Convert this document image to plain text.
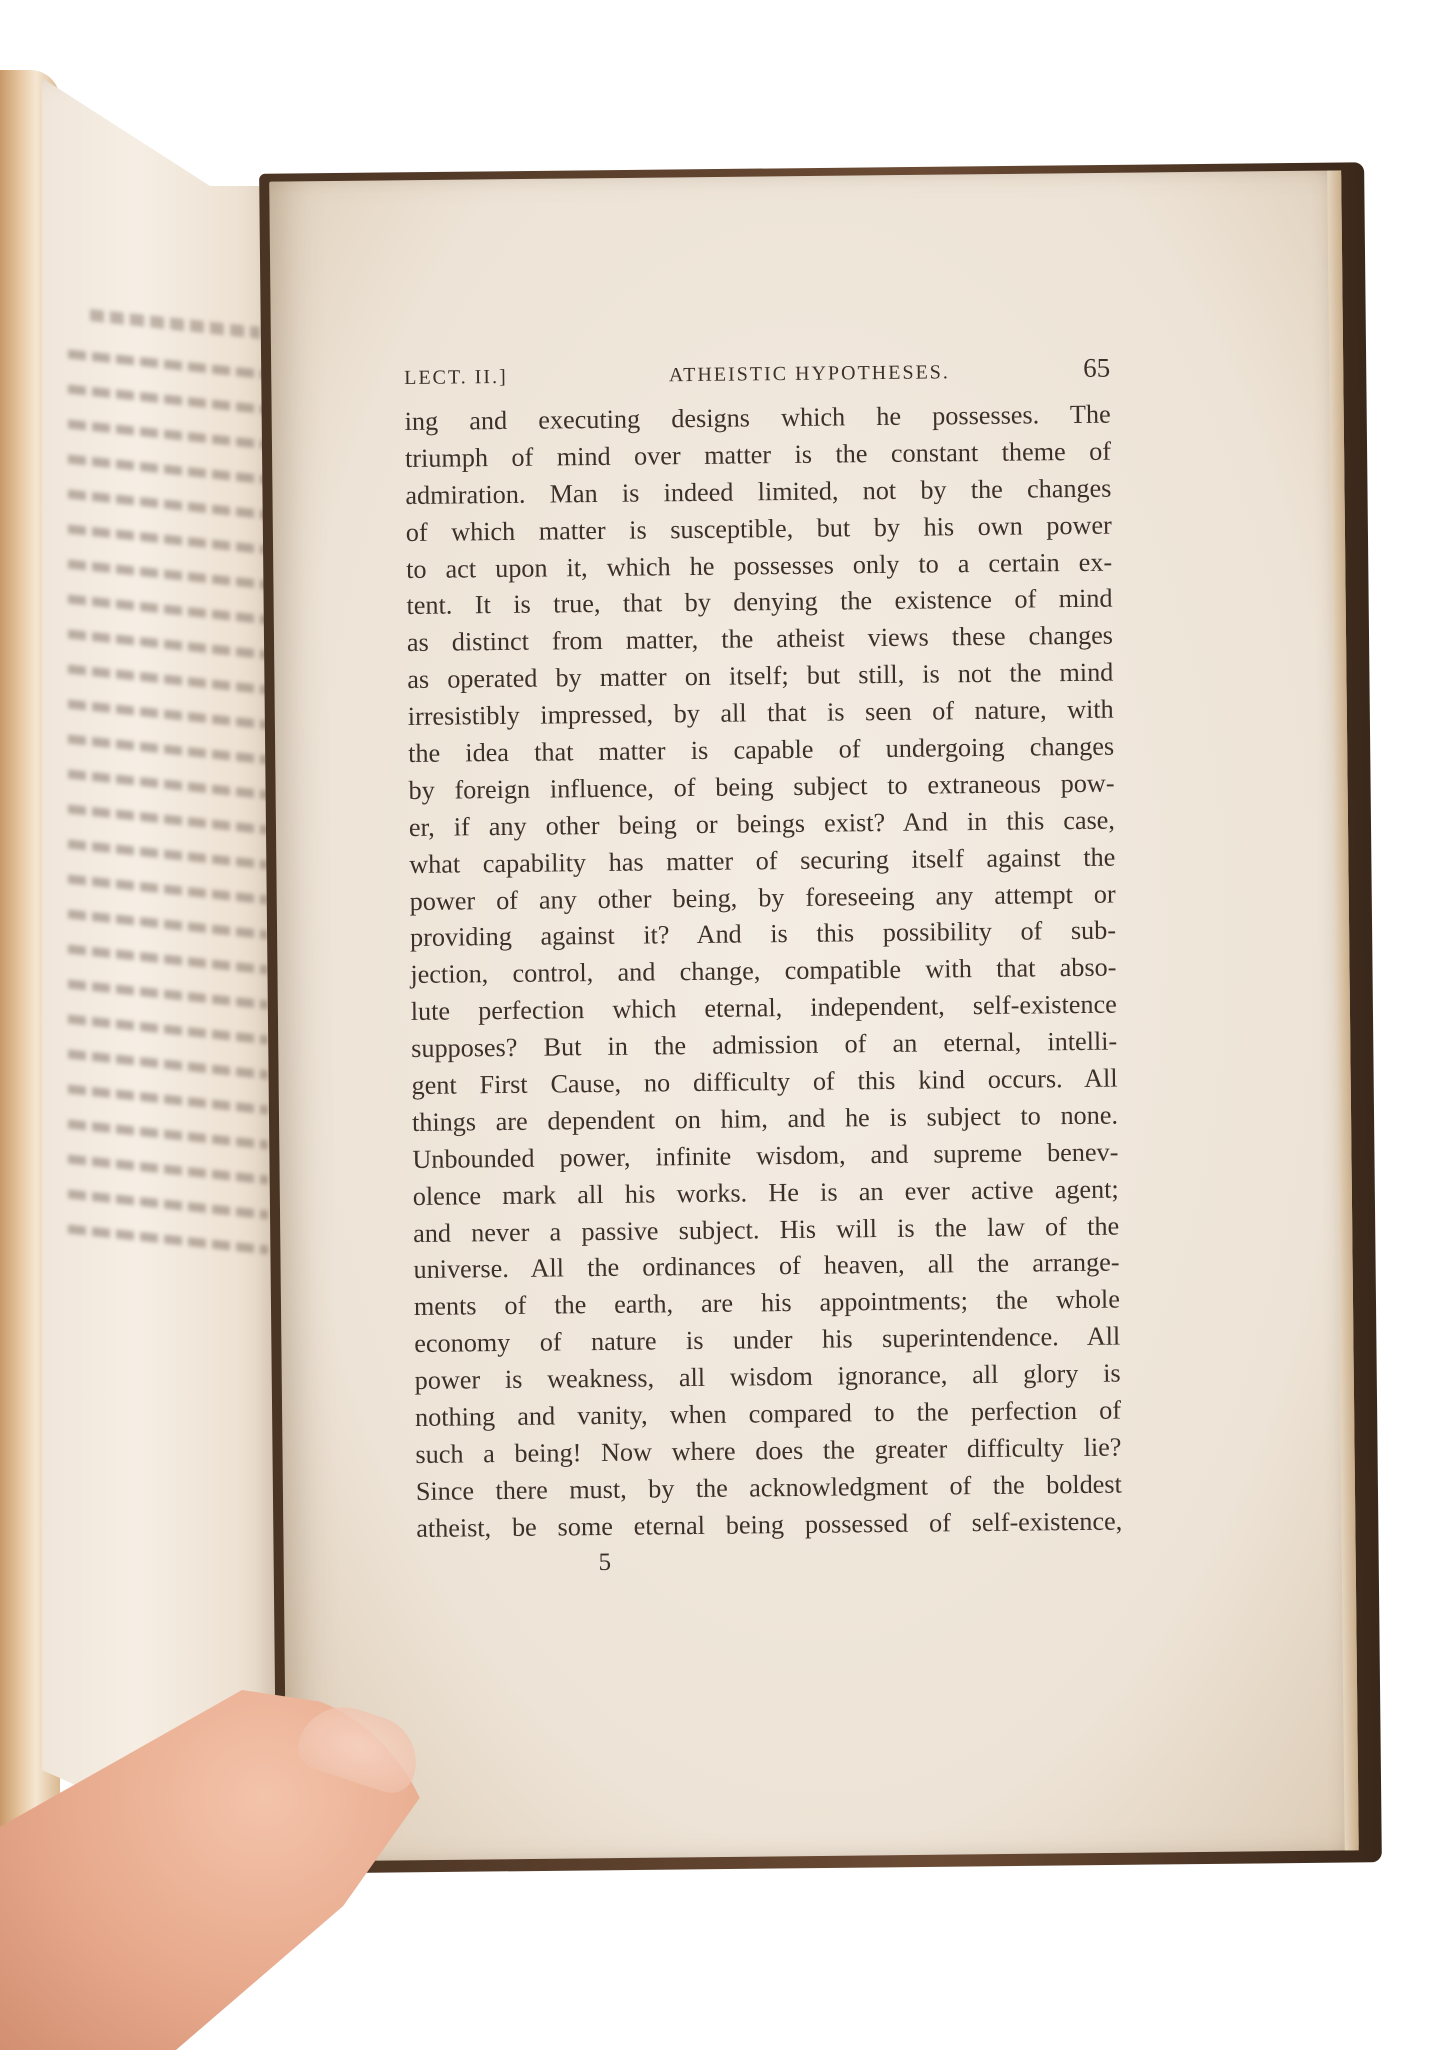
LECT. II.]	ATHEISTIC HYPOTHESES.	65
ing and executing designs which he possesses. The
triumph of mind over matter is the constant theme of
admiration. Man is indeed limited, not by the changes
of which matter is susceptible, but by his own power
to act upon it, which he possesses only to a certain ex-
tent. It is true, that by denying the existence of mind
as distinct from matter, the atheist views these changes
as operated by matter on itself; but still, is not the mind
irresistibly impressed, by all that is seen of nature, with
the idea that matter is capable of undergoing changes
by foreign influence, of being subject to extraneous pow-
er, if any other being or beings exist? And in this case,
what capability has matter of securing itself against the
power of any other being, by foreseeing any attempt or
providing against it? And is this possibility of sub-
jection, control, and change, compatible with that abso-
lute perfection which eternal, independent, self-existence
supposes? But in the admission of an eternal, intelli-
gent First Cause, no difficulty of this kind occurs. All
things are dependent on him, and he is subject to none.
Unbounded power, infinite wisdom, and supreme benev-
olence mark all his works. He is an ever active agent;
and never a passive subject. His will is the law of the
universe. All the ordinances of heaven, all the arrange-
ments of the earth, are his appointments; the whole
economy of nature is under his superintendence. All
power is weakness, all wisdom ignorance, all glory is
nothing and vanity, when compared to the perfection of
such a being! Now where does the greater difficulty lie?
Since there must, by the acknowledgment of the boldest
atheist, be some eternal being possessed of self-existence,
5
